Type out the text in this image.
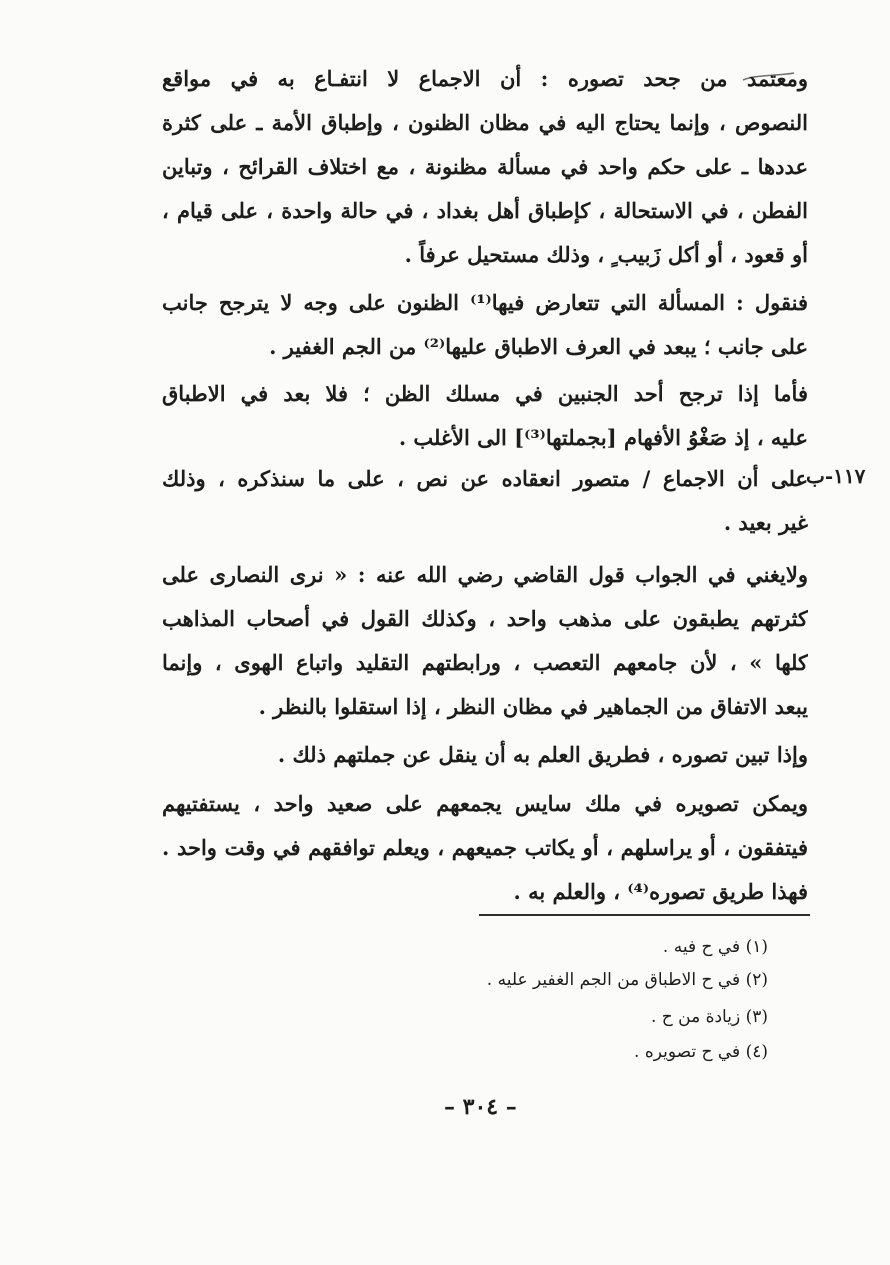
ومعتمد من جحد تصوره : أن الاجماع لا انتفـاع به في مواقع
النصوص ، وإنما يحتاج اليه في مظان الظنون ، وإطباق الأمة ـ على كثرة
عددها ـ على حكم واحد في مسألة مظنونة ، مع اختلاف القرائح ، وتباين
الفطن ، في الاستحالة ، كإطباق أهل بغداد ، في حالة واحدة ، على قيام ،
أو قعود ، أو أكل زَبيب ٍ ، وذلك مستحيل عرفاً .
فنقول : المسألة التي تتعارض فيها⁽¹⁾ الظنون على وجه لا يترجح جانب
على جانب ؛ يبعد في العرف الاطباق عليها⁽²⁾ من الجم الغفير .
فأما إذا ترجح أحد الجنبين في مسلك الظن ؛ فلا بعد في الاطباق
عليه ، إذ صَغْوُ الأفهام [بجملتها⁽³⁾] الى الأغلب .
١١٧-ب
على أن الاجماع / متصور انعقاده عن نص ، على ما سنذكره ، وذلك
غير بعيد .
ولايغني في الجواب قول القاضي رضي الله عنه : « نرى النصارى على
كثرتهم يطبقون على مذهب واحد ، وكذلك القول في أصحاب المذاهب
كلها » ، لأن جامعهم التعصب ، ورابطتهم التقليد واتباع الهوى ، وإنما
يبعد الاتفاق من الجماهير في مظان النظر ، إذا استقلوا بالنظر .
وإذا تبين تصوره ، فطريق العلم به أن ينقل عن جملتهم ذلك .
ويمكن تصويره في ملك سايس يجمعهم على صعيد واحد ، يستفتيهم
فيتفقون ، أو يراسلهم ، أو يكاتب جميعهم ، ويعلم توافقهم في وقت واحد .
فهذا طريق تصوره⁽⁴⁾ ، والعلم به .
(١) في ح فيه .
(٢) في ح الاطباق من الجم الغفير عليه .
(٣) زيادة من ح .
(٤) في ح تصويره .
– ٣٠٤ –
